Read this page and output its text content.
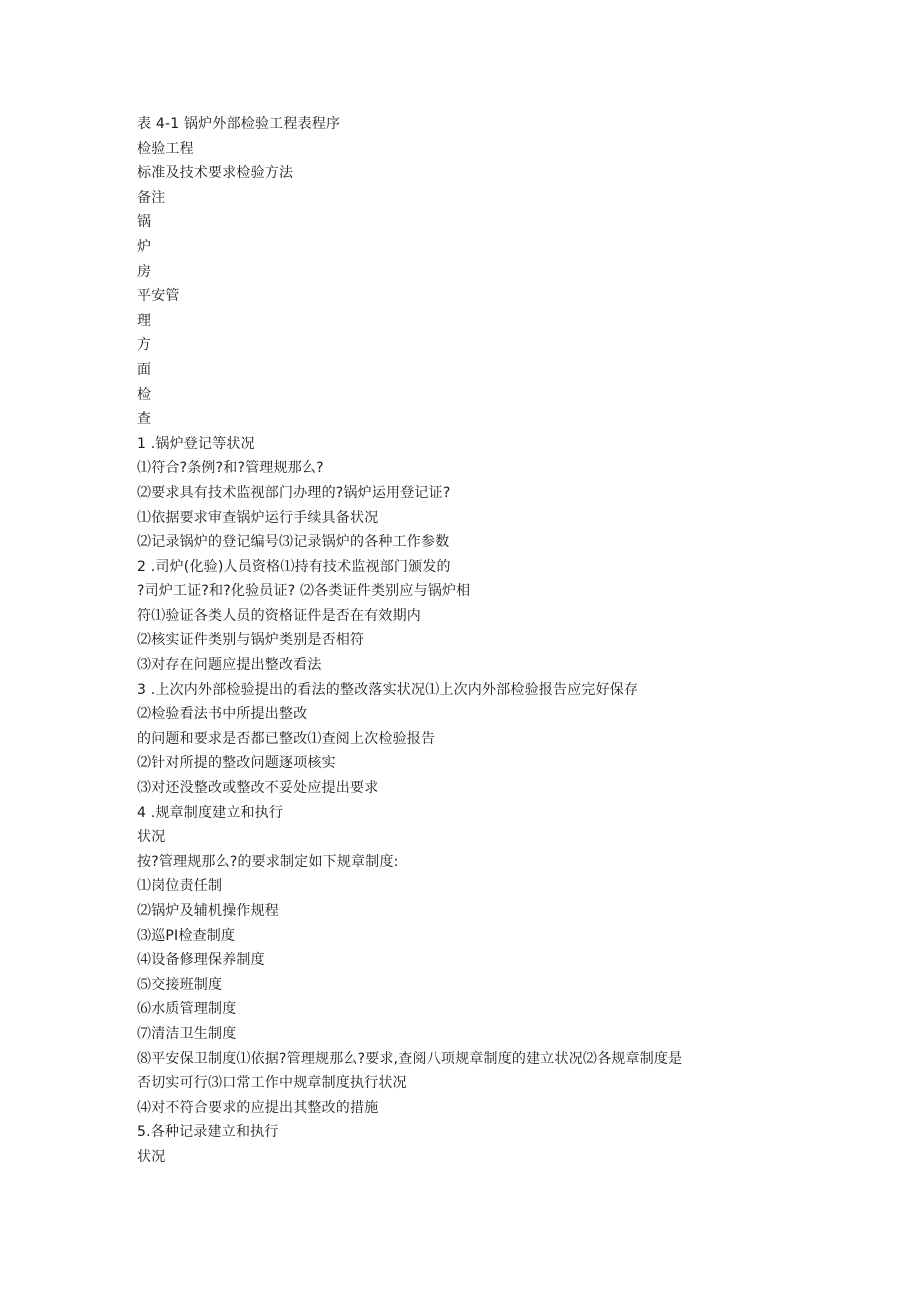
表 4-1 锅炉外部检验工程表程序
检验工程
标准及技术要求检验方法
备注
锅
炉
房
平安管
理
方
面
检
查
1 .锅炉登记等状况
⑴符合?条例?和?管理规那么?
⑵要求具有技术监视部门办理的?锅炉运用登记证?
⑴依据要求审查锅炉运行手续具备状况
⑵记录锅炉的登记编号⑶记录锅炉的各种工作参数
2 .司炉(化验)人员资格⑴持有技术监视部门颁发的
?司炉工证?和?化验员证? ⑵各类证件类别应与锅炉相
符⑴验证各类人员的资格证件是否在有效期内
⑵核实证件类别与锅炉类别是否相符
⑶对存在问题应提出整改看法
3 .上次内外部检验提出的看法的整改落实状况⑴上次内外部检验报告应完好保存
⑵检验看法书中所提出整改
的问题和要求是否都已整改⑴查阅上次检验报告
⑵针对所提的整改问题逐项核实
⑶对还没整改或整改不妥处应提出要求
4 .规章制度建立和执行
状况
按?管理规那么?的要求制定如下规章制度:
⑴岗位责任制
⑵锅炉及辅机操作规程
⑶巡PI检查制度
⑷设备修理保养制度
⑸交接班制度
⑹水质管理制度
⑺清洁卫生制度
⑻平安保卫制度⑴依据?管理规那么?要求,查阅八项规章制度的建立状况⑵各规章制度是
否切实可行⑶口常工作中规章制度执行状况
⑷对不符合要求的应提出其整改的措施
5.各种记录建立和执行
状况
